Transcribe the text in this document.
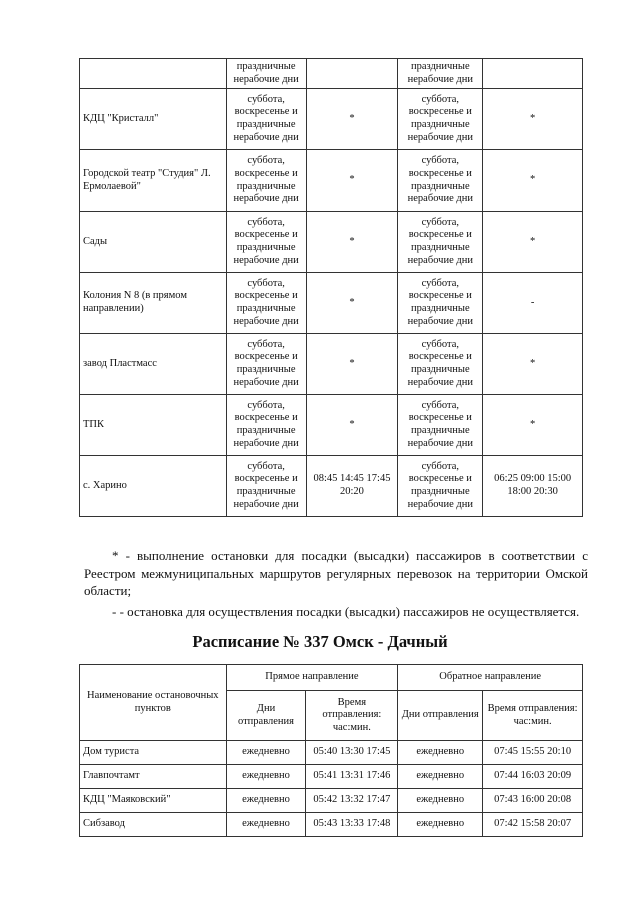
	праздничные нерабочие дни		праздничные нерабочие дни	
КДЦ "Кристалл"	суббота, воскресенье и праздничные нерабочие дни	*	суббота, воскресенье и праздничные нерабочие дни	*
Городской театр "Студия" Л. Ермолаевой"	суббота, воскресенье и праздничные нерабочие дни	*	суббота, воскресенье и праздничные нерабочие дни	*
Сады	суббота, воскресенье и праздничные нерабочие дни	*	суббота, воскресенье и праздничные нерабочие дни	*
Колония N 8 (в прямом направлении)	суббота, воскресенье и праздничные нерабочие дни	*	суббота, воскресенье и праздничные нерабочие дни	-
завод Пластмасс	суббота, воскресенье и праздничные нерабочие дни	*	суббота, воскресенье и праздничные нерабочие дни	*
ТПК	суббота, воскресенье и праздничные нерабочие дни	*	суббота, воскресенье и праздничные нерабочие дни	*
с. Харино	суббота, воскресенье и праздничные нерабочие дни	08:45 14:45 17:45 20:20	суббота, воскресенье и праздничные нерабочие дни	06:25 09:00 15:00 18:00 20:30

* - выполнение остановки для посадки (высадки) пассажиров в соответствии с Реестром межмуниципальных маршрутов регулярных перевозок на территории Омской области;

- - остановка для осуществления посадки (высадки) пассажиров не осуществляется.

Расписание № 337 Омск - Дачный
Наименование остановочных пунктов	Прямое направление		Обратное направление	
	Дни отправления	Время отправления: час:мин.	Дни отправления	Время отправления: час:мин.
Дом туриста	ежедневно	05:40 13:30 17:45	ежедневно	07:45 15:55 20:10
Главпочтамт	ежедневно	05:41 13:31 17:46	ежедневно	07:44 16:03 20:09
КДЦ "Маяковский"	ежедневно	05:42 13:32 17:47	ежедневно	07:43 16:00 20:08
Сибзавод	ежедневно	05:43 13:33 17:48	ежедневно	07:42 15:58 20:07
